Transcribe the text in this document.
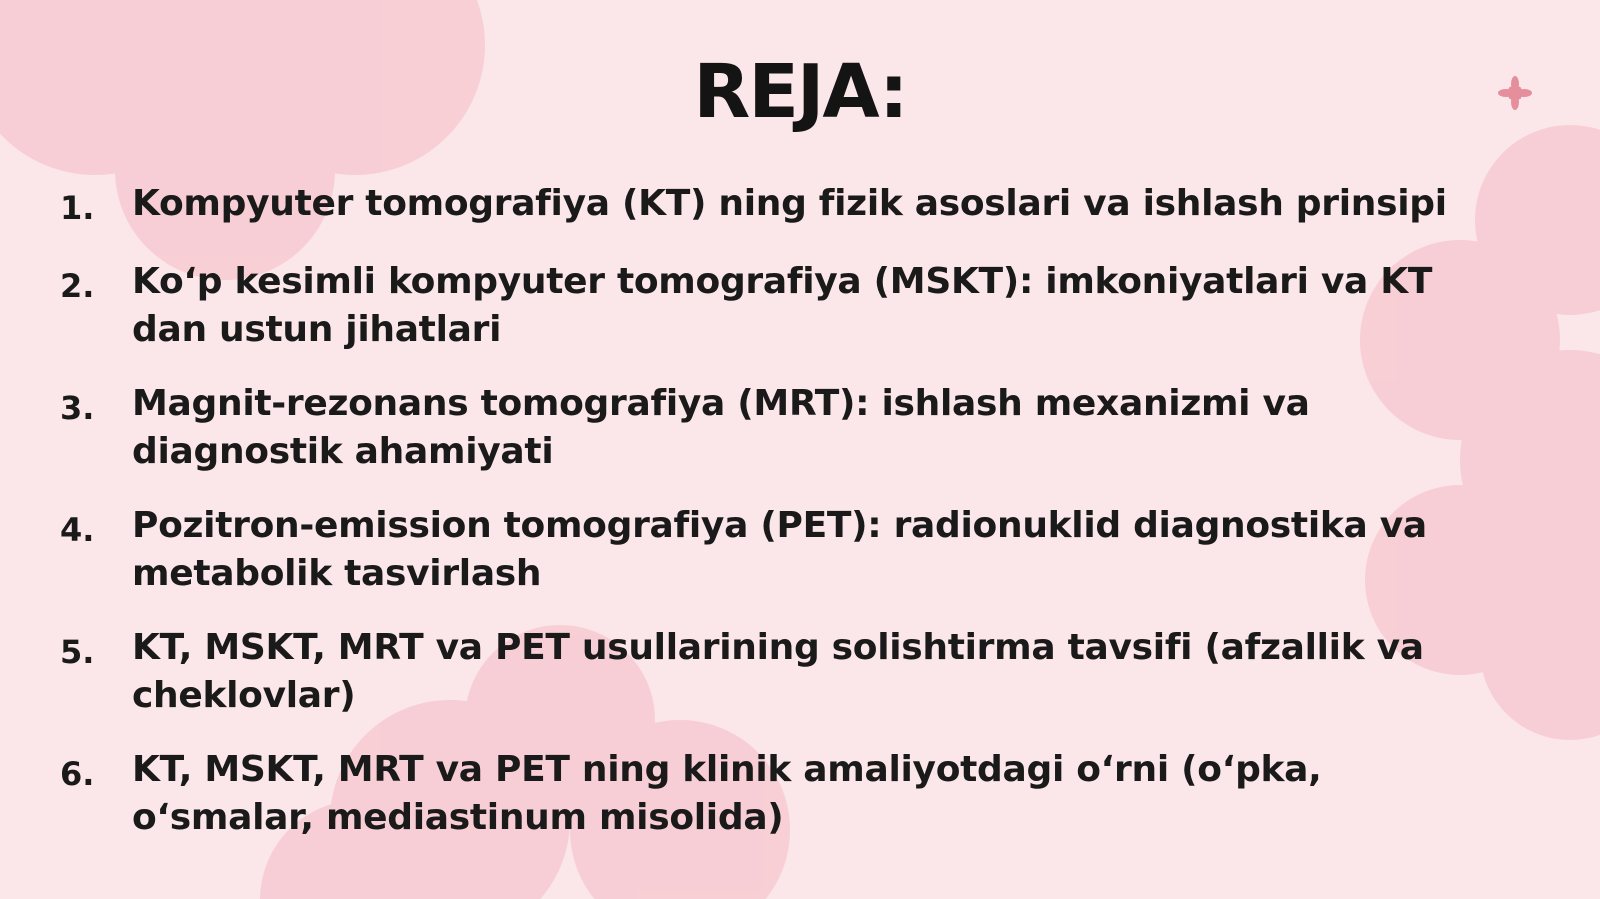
REJA:
1.	Kompyuter tomografiya (KT) ning fizik asoslari va ishlash prinsipi
2.	Ko‘p kesimli kompyuter tomografiya (MSKT): imkoniyatlari va KT dan ustun jihatlari
3.	Magnit-rezonans tomografiya (MRT): ishlash mexanizmi va diagnostik ahamiyati
4.	Pozitron-emission tomografiya (PET): radionuklid diagnostika va metabolik tasvirlash
5.	KT, MSKT, MRT va PET usullarining solishtirma tavsifi (afzallik va cheklovlar)
6.	KT, MSKT, MRT va PET ning klinik amaliyotdagi o‘rni (o‘pka, o‘smalar, mediastinum misolida)
